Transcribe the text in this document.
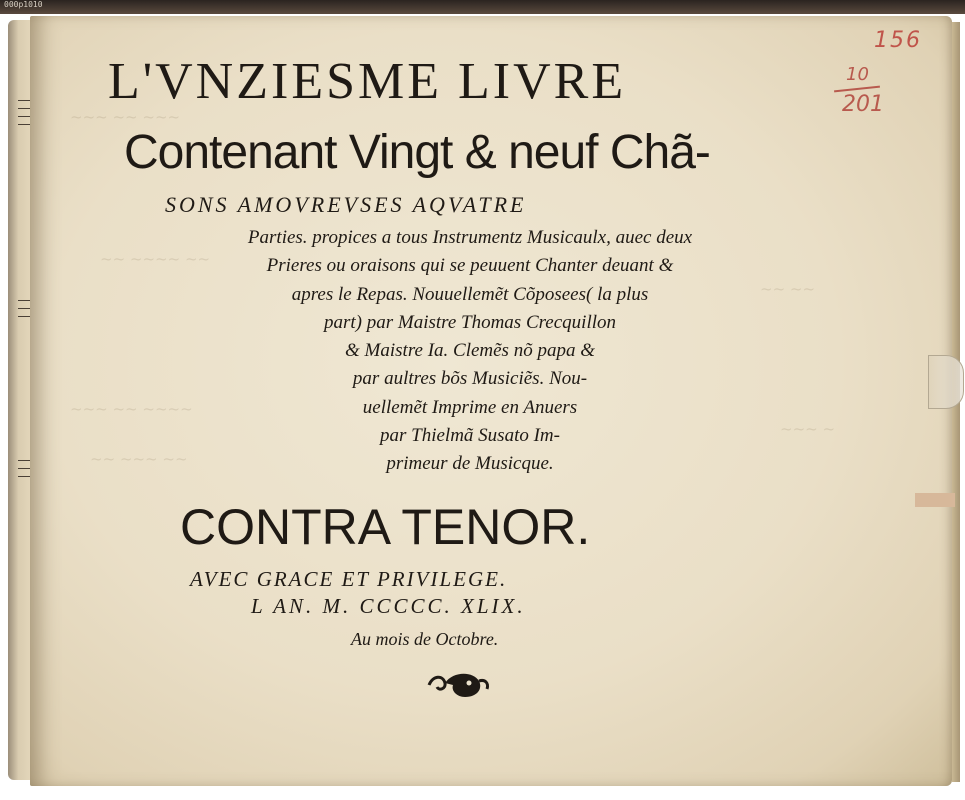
000p1010
~~~ ~~ ~~~
~~ ~~~~ ~~
~~~ ~~ ~~~~
~~ ~~~ ~~
~~ ~~
~~~ ~
156
10
201
L'VNZIESME LIVRE
Contenant Vingt & neuf Chã-
SONS AMOVREVSES AQVATRE
Parties. propices a tous Instrumentz Musicaulx, auec deux
Prieres ou oraisons qui se peuuent Chanter deuant &
apres le Repas. Nouuellemẽt Cõposees( la plus
part) par Maistre Thomas Crecquillon
& Maistre Ia. Clemẽs nõ papa &
par aultres bõs Musiciẽs. Nou-
uellemẽt Imprime en Anuers
par Thielmã Susato Im-
primeur de Musicque.
CONTRA TENOR.
AVEC GRACE ET PRIVILEGE.
L AN. M. CCCCC. XLIX.
Au mois de Octobre.
